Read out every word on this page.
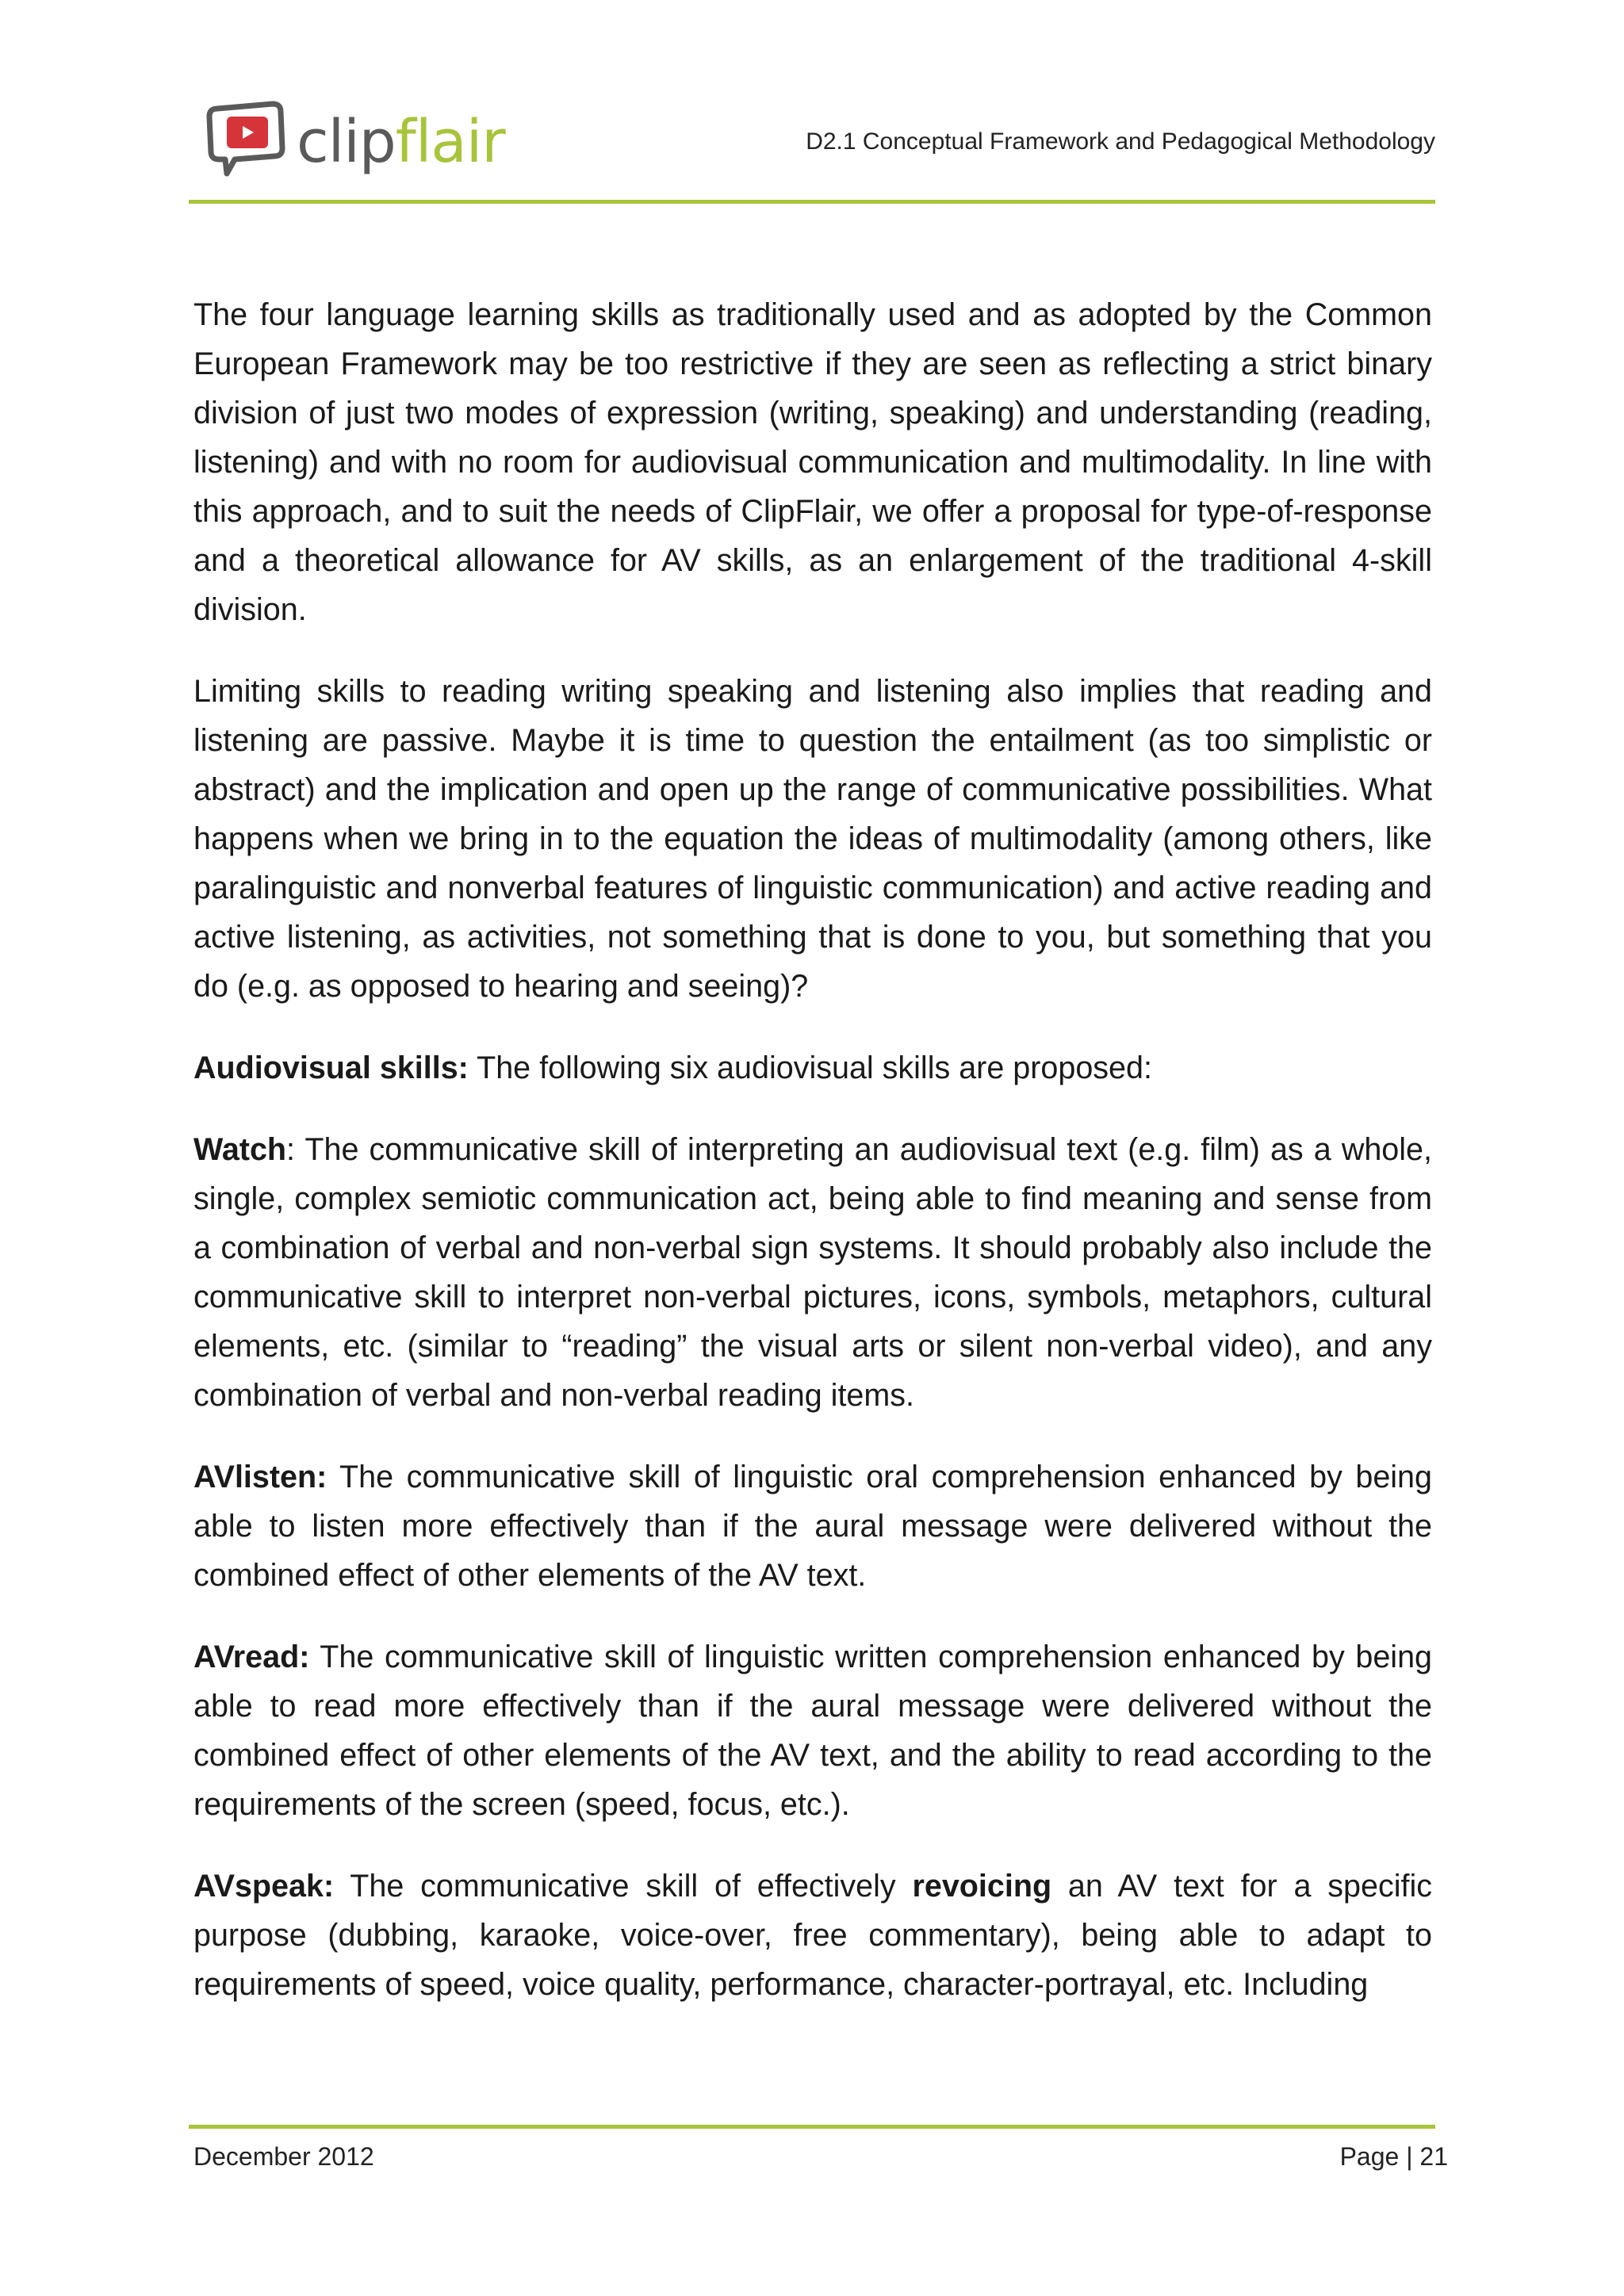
clipflair	D2.1 Conceptual Framework and Pedagogical Methodology

The four language learning skills as traditionally used and as adopted by the Common European Framework may be too restrictive if they are seen as reflecting a strict binary division of just two modes of expression (writing, speaking) and understanding (reading, listening) and with no room for audiovisual communication and multimodality. In line with this approach, and to suit the needs of ClipFlair, we offer a proposal for type-of-response and a theoretical allowance for AV skills, as an enlargement of the traditional 4-skill division.

Limiting skills to reading writing speaking and listening also implies that reading and listening are passive. Maybe it is time to question the entailment (as too simplistic or abstract) and the implication and open up the range of communicative possibilities. What happens when we bring in to the equation the ideas of multimodality (among others, like paralinguistic and nonverbal features of linguistic communication) and active reading and active listening, as activities, not something that is done to you, but something that you do (e.g. as opposed to hearing and seeing)?

Audiovisual skills: The following six audiovisual skills are proposed:

Watch: The communicative skill of interpreting an audiovisual text (e.g. film) as a whole, single, complex semiotic communication act, being able to find meaning and sense from a combination of verbal and non-verbal sign systems. It should probably also include the communicative skill to interpret non-verbal pictures, icons, symbols, metaphors, cultural elements, etc. (similar to “reading” the visual arts or silent non-verbal video), and any combination of verbal and non-verbal reading items.

AVlisten: The communicative skill of linguistic oral comprehension enhanced by being able to listen more effectively than if the aural message were delivered without the combined effect of other elements of the AV text.

AVread: The communicative skill of linguistic written comprehension enhanced by being able to read more effectively than if the aural message were delivered without the combined effect of other elements of the AV text, and the ability to read according to the requirements of the screen (speed, focus, etc.).

AVspeak: The communicative skill of effectively revoicing an AV text for a specific purpose (dubbing, karaoke, voice-over, free commentary), being able to adapt to requirements of speed, voice quality, performance, character-portrayal, etc. Including

December 2012	Page | 21
